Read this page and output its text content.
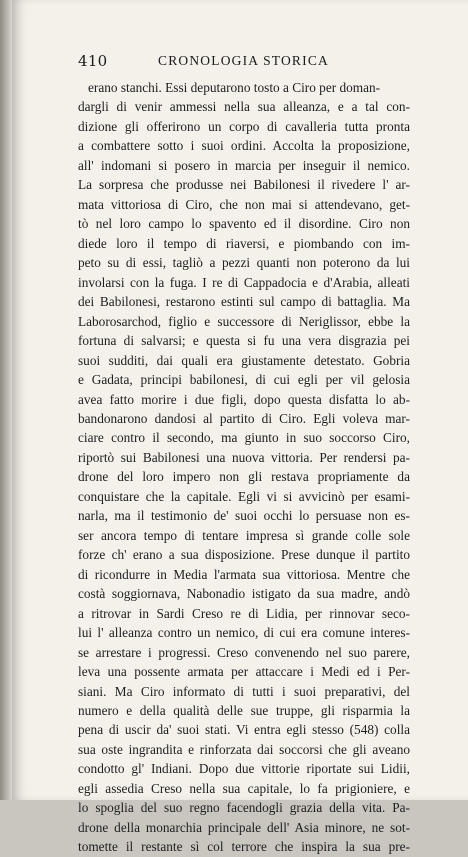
410	CRONOLOGIA STORICA
erano stanchi. Essi deputarono tosto a Ciro per doman-
dargli di venir ammessi nella sua alleanza, e a tal con-
dizione gli offerirono un corpo di cavalleria tutta pronta
a combattere sotto i suoi ordini. Accolta la proposizione,
all' indomani si posero in marcia per inseguir il nemico.
La sorpresa che produsse nei Babilonesi il rivedere l' ar-
mata vittoriosa di Ciro, che non mai si attendevano, get-
tò nel loro campo lo spavento ed il disordine. Ciro non
diede loro il tempo di riaversi, e piombando con im-
peto su di essi, tagliò a pezzi quanti non poterono da lui
involarsi con la fuga. I re di Cappadocia e d'Arabia, alleati
dei Babilonesi, restarono estinti sul campo di battaglia. Ma
Laborosarchod, figlio e successore di Neriglissor, ebbe la
fortuna di salvarsi; e questa si fu una vera disgrazia pei
suoi sudditi, dai quali era giustamente detestato. Gobria
e Gadata, principi babilonesi, di cui egli per vil gelosia
avea fatto morire i due figli, dopo questa disfatta lo ab-
bandonarono dandosi al partito di Ciro. Egli voleva mar-
ciare contro il secondo, ma giunto in suo soccorso Ciro,
riportò sui Babilonesi una nuova vittoria. Per rendersi pa-
drone del loro impero non gli restava propriamente da
conquistare che la capitale. Egli vi si avvicinò per esami-
narla, ma il testimonio de' suoi occhi lo persuase non es-
ser ancora tempo di tentare impresa sì grande colle sole
forze ch' erano a sua disposizione. Prese dunque il partito
di ricondurre in Media l'armata sua vittoriosa. Mentre che
costà soggiornava, Nabonadio istigato da sua madre, andò
a ritrovar in Sardi Creso re di Lidia, per rinnovar seco-
lui l' alleanza contro un nemico, di cui era comune interes-
se arrestare i progressi. Creso convenendo nel suo parere,
leva una possente armata per attaccare i Medi ed i Per-
siani. Ma Ciro informato di tutti i suoi preparativi, del
numero e della qualità delle sue truppe, gli risparmia la
pena di uscir da' suoi stati. Vi entra egli stesso (548) colla
sua oste ingrandita e rinforzata dai soccorsi che gli aveano
condotto gl' Indiani. Dopo due vittorie riportate sui Lidii,
egli assedia Creso nella sua capitale, lo fa prigioniere, e
lo spoglia del suo regno facendogli grazia della vita. Pa-
drone della monarchia principale dell' Asia minore, ne sot-
tomette il restante sì col terrore che inspira la sua pre-
